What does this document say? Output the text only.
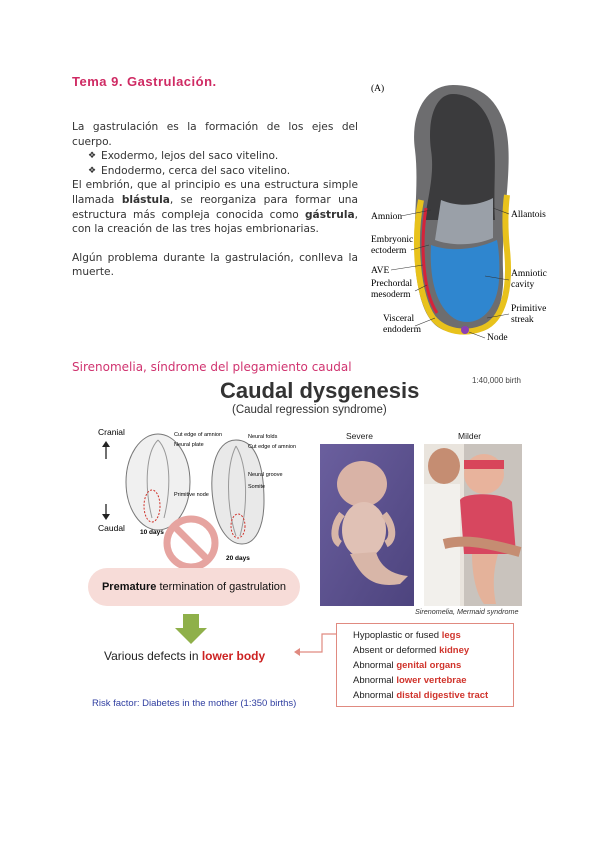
Tema 9. Gastrulación.

La gastrulación es la formación de los ejes del cuerpo.

❖ Exodermo, lejos del saco vitelino.
❖ Endodermo, cerca del saco vitelino.

El embrión, que al principio es una estructura simple llamada blástula, se reorganiza para formar una estructura más compleja conocida como gástrula, con la creación de las tres hojas embrionarias.

Algún problema durante la gastrulación, conlleva la muerte.

(A)
Amnion
Embryonic
ectoderm
AVE
Prechordal
mesoderm
Visceral
endoderm
Allantois
Amniotic
cavity
Primitive
streak
Node
Sirenomelia, síndrome del plegamiento caudal
1:40,000 birth
Caudal dysgenesis
(Caudal regression syndrome)
Cranial
Caudal 10 days
20 days
Cut edge of amnion
Neural plate
Primitive node
Neural folds
Cut edge of amnion
Neural groove
Somite
Premature termination of gastrulation
Various defects in lower body
Hypoplastic or fused legs
Absent or deformed kidney
Abnormal genital organs
Abnormal lower vertebrae
Abnormal distal digestive tract
Risk factor: Diabetes in the mother (1:350 births)
Severe	Milder
Sirenomelia, Mermaid syndrome
